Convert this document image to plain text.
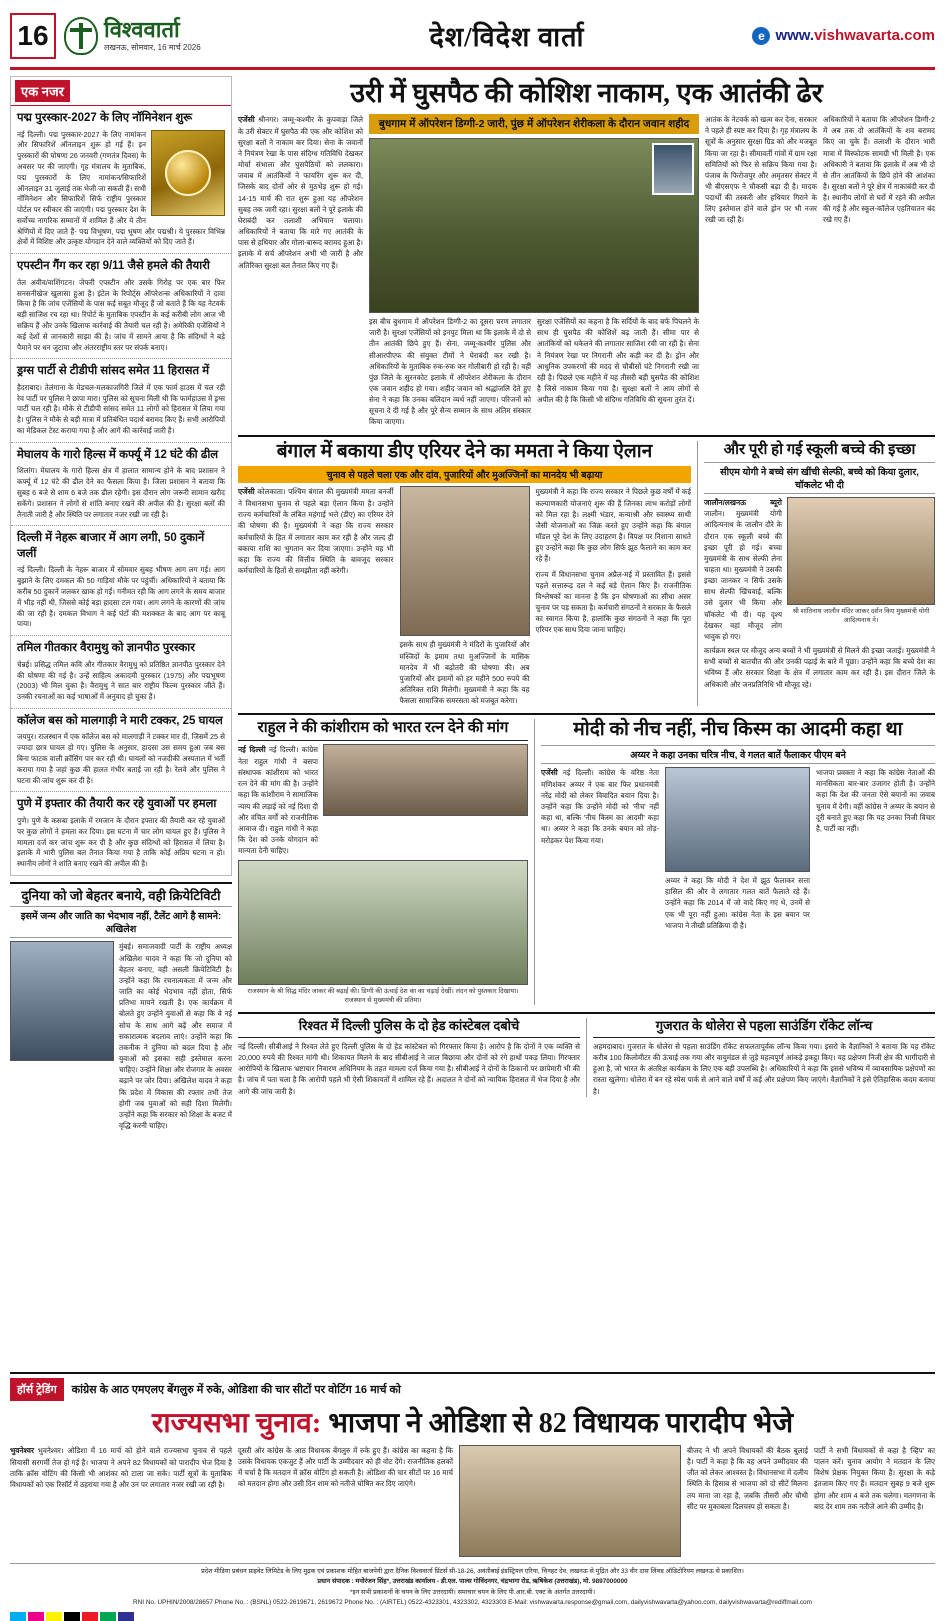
16	विश्ववार्ता
लखनऊ, सोमवार, 16 मार्च 2026	देश/विदेश वार्ता	e www.vishwavarta.com
एक नजर
पद्म पुरस्कार-2027 के लिए नॉमिनेशन शुरू
नई दिल्ली। पद्म पुरस्कार-2027 के लिए नामांकन और सिफारिशें ऑनलाइन शुरू हो गई हैं। इन पुरस्कारों की घोषणा 26 जनवरी (गणतंत्र दिवस) के अवसर पर की जाएगी। गृह मंत्रालय के मुताबिक, पद्म पुरस्कारों के लिए नामांकन/सिफारिशें ऑनलाइन 31 जुलाई तक भेजी जा सकती हैं। सभी नॉमिनेशन और सिफारिशें सिर्फ राष्ट्रीय पुरस्कार पोर्टल पर स्वीकार की जाएंगी। पद्म पुरस्कार देश के सर्वोच्च नागरिक सम्मानों में शामिल हैं और ये तीन श्रेणियों में दिए जाते हैं- पद्म विभूषण, पद्म भूषण और पद्मश्री। ये पुरस्कार विभिन्न क्षेत्रों में विशिष्ट और उत्कृष्ट योगदान देने वाले व्यक्तियों को दिए जाते हैं।
एपस्टीन गैंग कर रहा 9/11 जैसे हमले की तैयारी
तेल अवीव/वाशिंगटन। जेफरी एपस्टीन और उसके गिरोह पर एक बार फिर सनसनीखेज खुलासा हुआ है। इंटेल के रिपोर्ट्स ऑपरेशन्स अधिकारियों ने दावा किया है कि जांच एजेंसियों के पास कई सबूत मौजूद हैं जो बताते हैं कि यह नेटवर्क बड़ी साजिश रच रहा था। रिपोर्ट के मुताबिक एपस्टीन के कई करीबी लोग आज भी सक्रिय हैं और उनके खिलाफ कार्रवाई की तैयारी चल रही है। अमेरिकी एजेंसियों ने कई देशों से जानकारी साझा की है। जांच में सामने आया है कि संदिग्धों ने बड़े पैमाने पर धन जुटाया और अंतरराष्ट्रीय स्तर पर संपर्क बनाए।
ड्रग्स पार्टी से टीडीपी सांसद समेत 11 हिरासत में
हैदराबाद। तेलंगाना के मेडचल-मलकाजगिरी जिले में एक फार्म हाउस में चल रही रेव पार्टी पर पुलिस ने छापा मारा। पुलिस को सूचना मिली थी कि फार्महाउस में ड्रग्स पार्टी चल रही है। मौके से टीडीपी सांसद समेत 11 लोगों को हिरासत में लिया गया है। पुलिस ने मौके से बड़ी मात्रा में प्रतिबंधित पदार्थ बरामद किए हैं। सभी आरोपियों का मेडिकल टेस्ट कराया गया है और आगे की कार्रवाई जारी है।
मेघालय के गारो हिल्स में कर्फ्यू में 12 घंटे की ढील
शिलांग। मेघालय के गारो हिल्स क्षेत्र में हालात सामान्य होने के बाद प्रशासन ने कर्फ्यू में 12 घंटे की ढील देने का फैसला किया है। जिला प्रशासन ने बताया कि सुबह 6 बजे से शाम 6 बजे तक ढील रहेगी। इस दौरान लोग जरूरी सामान खरीद सकेंगे। प्रशासन ने लोगों से शांति बनाए रखने की अपील की है। सुरक्षा बलों की तैनाती जारी है और स्थिति पर लगातार नजर रखी जा रही है।
दिल्ली में नेहरू बाजार में आग लगी, 50 दुकानें जलीं
नई दिल्ली। दिल्ली के नेहरू बाजार में सोमवार सुबह भीषण आग लग गई। आग बुझाने के लिए दमकल की 50 गाड़ियां मौके पर पहुंचीं। अधिकारियों ने बताया कि करीब 50 दुकानें जलकर खाक हो गईं। गनीमत रही कि आग लगने के समय बाजार में भीड़ नहीं थी, जिससे कोई बड़ा हादसा टल गया। आग लगने के कारणों की जांच की जा रही है। दमकल विभाग ने कई घंटों की मशक्कत के बाद आग पर काबू पाया।
तमिल गीतकार वैरामुथु को ज्ञानपीठ पुरस्कार
चेन्नई। प्रसिद्ध तमिल कवि और गीतकार वैरामुथु को प्रतिष्ठित ज्ञानपीठ पुरस्कार देने की घोषणा की गई है। उन्हें साहित्य अकादमी पुरस्कार (1975) और पद्मभूषण (2003) भी मिल चुका है। वैरामुथु ने सात बार राष्ट्रीय फिल्म पुरस्कार जीते हैं। उनकी रचनाओं का कई भाषाओं में अनुवाद हो चुका है।
कॉलेज बस को मालगाड़ी ने मारी टक्कर, 25 घायल
जयपुर। राजस्थान में एक कॉलेज बस को मालगाड़ी ने टक्कर मार दी, जिसमें 25 से ज्यादा छात्र घायल हो गए। पुलिस के अनुसार, हादसा उस समय हुआ जब बस बिना फाटक वाली क्रॉसिंग पार कर रही थी। घायलों को नजदीकी अस्पताल में भर्ती कराया गया है जहां कुछ की हालत गंभीर बताई जा रही है। रेलवे और पुलिस ने घटना की जांच शुरू कर दी है।
पुणे में इफ्तार की तैयारी कर रहे युवाओं पर हमला
पुणे। पुणे के कसबा इलाके में रमजान के दौरान इफ्तार की तैयारी कर रहे युवाओं पर कुछ लोगों ने हमला कर दिया। इस घटना में चार लोग घायल हुए हैं। पुलिस ने मामला दर्ज कर जांच शुरू कर दी है और कुछ संदिग्धों को हिरासत में लिया है। इलाके में भारी पुलिस बल तैनात किया गया है ताकि कोई अप्रिय घटना न हो। स्थानीय लोगों ने शांति बनाए रखने की अपील की है।
दुनिया को जो बेहतर बनाये, वही क्रियेटिविटी
इसमें जन्म और जाति का भेदभाव नहीं, टैलेंट आगे है सामने: अखिलेश
मुंबई। समाजवादी पार्टी के राष्ट्रीय अध्यक्ष अखिलेश यादव ने कहा कि जो दुनिया को बेहतर बनाए, वही असली क्रियेटिविटी है। उन्होंने कहा कि रचनात्मकता में जन्म और जाति का कोई भेदभाव नहीं होता, सिर्फ प्रतिभा मायने रखती है। एक कार्यक्रम में बोलते हुए उन्होंने युवाओं से कहा कि वे नई सोच के साथ आगे बढ़ें और समाज में सकारात्मक बदलाव लाएं। उन्होंने कहा कि तकनीक ने दुनिया को बदल दिया है और युवाओं को इसका सही इस्तेमाल करना चाहिए। उन्होंने शिक्षा और रोजगार के अवसर बढ़ाने पर जोर दिया। अखिलेश यादव ने कहा कि प्रदेश में विकास की रफ्तार तभी तेज होगी जब युवाओं को सही दिशा मिलेगी। उन्होंने कहा कि सरकार को शिक्षा के बजट में वृद्धि करनी चाहिए।
उरी में घुसपैठ की कोशिश नाकाम, एक आतंकी ढेर
एजेंसी श्रीनगर। जम्मू-कश्मीर के कुपवाड़ा जिले के उरी सेक्टर में घुसपैठ की एक और कोशिश को सुरक्षा बलों ने नाकाम कर दिया। सेना के जवानों ने नियंत्रण रेखा के पास संदिग्ध गतिविधि देखकर मोर्चा संभाला और घुसपैठियों को ललकारा। जवाब में आतंकियों ने फायरिंग शुरू कर दी, जिसके बाद दोनों ओर से मुठभेड़ शुरू हो गई। 14-15 मार्च की रात शुरू हुआ यह ऑपरेशन सुबह तक जारी रहा। सुरक्षा बलों ने पूरे इलाके की घेराबंदी कर तलाशी अभियान चलाया। अधिकारियों ने बताया कि मारे गए आतंकी के पास से हथियार और गोला-बारूद बरामद हुआ है। इलाके में सर्च ऑपरेशन अभी भी जारी है और अतिरिक्त सुरक्षा बल तैनात किए गए हैं।
बुधगाम में ऑपरेशन डिग्गी-2 जारी, पुंछ में ऑपरेशन शेरीकला के दौरान जवान शहीद
इस बीच बुधगाम में ऑपरेशन डिग्गी-2 का दूसरा चरण लगातार जारी है। सुरक्षा एजेंसियों को इनपुट मिला था कि इलाके में दो से तीन आतंकी छिपे हुए हैं। सेना, जम्मू-कश्मीर पुलिस और सीआरपीएफ की संयुक्त टीमों ने घेराबंदी कर रखी है। अधिकारियों के मुताबिक रुक-रुक कर गोलीबारी हो रही है। वहीं पुंछ जिले के सुरनकोट इलाके में ऑपरेशन शेरीकला के दौरान एक जवान शहीद हो गया। शहीद जवान को श्रद्धांजलि देते हुए सेना ने कहा कि उनका बलिदान व्यर्थ नहीं जाएगा। परिजनों को सूचना दे दी गई है और पूरे सैन्य सम्मान के साथ अंतिम संस्कार किया जाएगा।
सुरक्षा एजेंसियों का कहना है कि सर्दियों के बाद बर्फ पिघलने के साथ ही घुसपैठ की कोशिशें बढ़ जाती हैं। सीमा पार से आतंकियों को धकेलने की लगातार साजिश रची जा रही है। सेना ने नियंत्रण रेखा पर निगरानी और कड़ी कर दी है। ड्रोन और आधुनिक उपकरणों की मदद से चौबीसों घंटे निगरानी रखी जा रही है। पिछले एक महीने में यह तीसरी बड़ी घुसपैठ की कोशिश है जिसे नाकाम किया गया है। सुरक्षा बलों ने आम लोगों से अपील की है कि किसी भी संदिग्ध गतिविधि की सूचना तुरंत दें।
आतंक के नेटवर्क को खत्म कर देना, सरकार ने पहले ही स्पष्ट कर दिया है। गृह मंत्रालय के सूत्रों के अनुसार सुरक्षा ग्रिड को और मजबूत किया जा रहा है। सीमावर्ती गांवों में ग्राम रक्षा समितियों को फिर से सक्रिय किया गया है। पंजाब के फिरोजपुर और अमृतसर सेक्टर में भी बीएसएफ ने चौकसी बढ़ा दी है। मादक पदार्थों की तस्करी और हथियार गिराने के लिए इस्तेमाल होने वाले ड्रोन पर भी नजर रखी जा रही है।
अधिकारियों ने बताया कि ऑपरेशन डिग्गी-2 में अब तक दो आतंकियों के शव बरामद किए जा चुके हैं। तलाशी के दौरान भारी मात्रा में विस्फोटक सामग्री भी मिली है। एक अधिकारी ने बताया कि इलाके में अब भी दो से तीन आतंकियों के छिपे होने की आशंका है। सुरक्षा बलों ने पूरे क्षेत्र में नाकाबंदी कर दी है। स्थानीय लोगों से घरों में रहने की अपील की गई है और स्कूल-कॉलेज एहतियातन बंद रखे गए हैं।
बंगाल में बकाया डीए एरियर देने का ममता ने किया ऐलान
चुनाव से पहले चला एक और दांव, पुजारियों और मुअज्जिनों का मानदेय भी बढ़ाया
एजेंसी कोलकाता। पश्चिम बंगाल की मुख्यमंत्री ममता बनर्जी ने विधानसभा चुनाव से पहले बड़ा ऐलान किया है। उन्होंने राज्य कर्मचारियों के लंबित महंगाई भत्ते (डीए) का एरियर देने की घोषणा की है। मुख्यमंत्री ने कहा कि राज्य सरकार कर्मचारियों के हित में लगातार काम कर रही है और जल्द ही बकाया राशि का भुगतान कर दिया जाएगा। उन्होंने यह भी कहा कि राज्य की वित्तीय स्थिति के बावजूद सरकार कर्मचारियों के हितों से समझौता नहीं करेगी।
इसके साथ ही मुख्यमंत्री ने मंदिरों के पुजारियों और मस्जिदों के इमाम तथा मुअज्जिनों के मासिक मानदेय में भी बढ़ोतरी की घोषणा की। अब पुजारियों और इमामों को हर महीने 500 रुपये की अतिरिक्त राशि मिलेगी। मुख्यमंत्री ने कहा कि यह फैसला सामाजिक समरसता को मजबूत करेगा।
मुख्यमंत्री ने कहा कि राज्य सरकार ने पिछले कुछ वर्षों में कई कल्याणकारी योजनाएं शुरू की हैं जिनका लाभ करोड़ों लोगों को मिल रहा है। लक्ष्मी भंडार, कन्याश्री और स्वास्थ्य साथी जैसी योजनाओं का जिक्र करते हुए उन्होंने कहा कि बंगाल मॉडल पूरे देश के लिए उदाहरण है। विपक्ष पर निशाना साधते हुए उन्होंने कहा कि कुछ लोग सिर्फ झूठ फैलाने का काम कर रहे हैं।
राज्य में विधानसभा चुनाव अप्रैल-मई में प्रस्तावित हैं। इससे पहले सत्तारूढ़ दल ने कई बड़े ऐलान किए हैं। राजनीतिक विश्लेषकों का मानना है कि इन घोषणाओं का सीधा असर चुनाव पर पड़ सकता है। कर्मचारी संगठनों ने सरकार के फैसले का स्वागत किया है, हालांकि कुछ संगठनों ने कहा कि पूरा एरियर एक साथ दिया जाना चाहिए।
और पूरी हो गई स्कूली बच्चे की इच्छा
सीएम योगी ने बच्चे संग खींची सेल्फी, बच्चे को किया दुलार, चॉकलेट भी दी
जालौन/लखनऊ ब्यूरो जालौन। मुख्यमंत्री योगी आदित्यनाथ के जालौन दौरे के दौरान एक स्कूली बच्चे की इच्छा पूरी हो गई। बच्चा मुख्यमंत्री के साथ सेल्फी लेना चाहता था। मुख्यमंत्री ने उसकी इच्छा जानकर न सिर्फ उसके साथ सेल्फी खिंचवाई, बल्कि उसे दुलार भी किया और चॉकलेट भी दी। यह दृश्य देखकर वहां मौजूद लोग भावुक हो गए।
श्री शांतिनाथ जालौन मंदिर जाकर दर्शन किए मुख्यमंत्री योगी आदित्यनाथ ने।
कार्यक्रम स्थल पर मौजूद अन्य बच्चों ने भी मुख्यमंत्री से मिलने की इच्छा जताई। मुख्यमंत्री ने सभी बच्चों से बातचीत की और उनकी पढ़ाई के बारे में पूछा। उन्होंने कहा कि बच्चे देश का भविष्य हैं और सरकार शिक्षा के क्षेत्र में लगातार काम कर रही है। इस दौरान जिले के अधिकारी और जनप्रतिनिधि भी मौजूद रहे।
राहुल ने की कांशीराम को भारत रत्न देने की मांग
नई दिल्ली नई दिल्ली। कांग्रेस नेता राहुल गांधी ने बसपा संस्थापक कांशीराम को भारत रत्न देने की मांग की है। उन्होंने कहा कि कांशीराम ने सामाजिक न्याय की लड़ाई को नई दिशा दी और वंचित वर्गों को राजनीतिक आवाज दी। राहुल गांधी ने कहा कि देश को उनके योगदान को मान्यता देनी चाहिए।
राजस्थान के श्री सिद्ध मंदिर जाकर की बढ़ाई की। डिग्गी की ऊंचाई देश का का चढ़ाई देखीं। लंदन को पुस्तकार दिखाया। राजस्थान से मुख्यमंत्री की प्रतिमा।
मोदी को नीच नहीं, नीच किस्म का आदमी कहा था
अय्यर ने कहा उनका चरित्र नीच, वे गलत बातें फैलाकर पीएम बने
एजेंसी नई दिल्ली। कांग्रेस के वरिष्ठ नेता मणिशंकर अय्यर ने एक बार फिर प्रधानमंत्री नरेंद्र मोदी को लेकर विवादित बयान दिया है। उन्होंने कहा कि उन्होंने मोदी को 'नीच' नहीं कहा था, बल्कि 'नीच किस्म का आदमी' कहा था। अय्यर ने कहा कि उनके बयान को तोड़-मरोड़कर पेश किया गया।
अय्यर ने कहा कि मोदी ने देश में झूठ फैलाकर सत्ता हासिल की और वे लगातार गलत बातें फैलाते रहे हैं। उन्होंने कहा कि 2014 में जो वादे किए गए थे, उनमें से एक भी पूरा नहीं हुआ। कांग्रेस नेता के इस बयान पर भाजपा ने तीखी प्रतिक्रिया दी है।
भाजपा प्रवक्ता ने कहा कि कांग्रेस नेताओं की मानसिकता बार-बार उजागर होती है। उन्होंने कहा कि देश की जनता ऐसे बयानों का जवाब चुनाव में देगी। वहीं कांग्रेस ने अय्यर के बयान से दूरी बनाते हुए कहा कि यह उनका निजी विचार है, पार्टी का नहीं।
रिश्वत में दिल्ली पुलिस के दो हेड कांस्टेबल दबोचे
नई दिल्ली। सीबीआई ने रिश्वत लेते हुए दिल्ली पुलिस के दो हेड कांस्टेबल को गिरफ्तार किया है। आरोप है कि दोनों ने एक व्यक्ति से 20,000 रुपये की रिश्वत मांगी थी। शिकायत मिलने के बाद सीबीआई ने जाल बिछाया और दोनों को रंगे हाथों पकड़ लिया। गिरफ्तार आरोपियों के खिलाफ भ्रष्टाचार निवारण अधिनियम के तहत मामला दर्ज किया गया है। सीबीआई ने दोनों के ठिकानों पर छापेमारी भी की है। जांच में पता चला है कि आरोपी पहले भी ऐसी शिकायतों में शामिल रहे हैं। अदालत ने दोनों को न्यायिक हिरासत में भेज दिया है और आगे की जांच जारी है।
गुजरात के धोलेरा से पहला साउंडिंग रॉकेट लॉन्च
अहमदाबाद। गुजरात के धोलेरा से पहला साउंडिंग रॉकेट सफलतापूर्वक लॉन्च किया गया। इसरो के वैज्ञानिकों ने बताया कि यह रॉकेट करीब 100 किलोमीटर की ऊंचाई तक गया और वायुमंडल से जुड़े महत्वपूर्ण आंकड़े इकट्ठा किए। यह प्रक्षेपण निजी क्षेत्र की भागीदारी से हुआ है, जो भारत के अंतरिक्ष कार्यक्रम के लिए एक बड़ी उपलब्धि है। अधिकारियों ने कहा कि इससे भविष्य में व्यावसायिक प्रक्षेपणों का रास्ता खुलेगा। धोलेरा में बन रहे स्पेस पार्क से आने वाले वर्षों में कई और प्रक्षेपण किए जाएंगे। वैज्ञानिकों ने इसे ऐतिहासिक कदम बताया है।
हॉर्स ट्रेडिंग	कांग्रेस के आठ एमएलए बेंगलुरु में रुके, ओडिशा की चार सीटों पर वोटिंग 16 मार्च को
राज्यसभा चुनाव: भाजपा ने ओडिशा से 82 विधायक पारादीप भेजे
भुवनेश्वर भुवनेश्वर। ओडिशा में 16 मार्च को होने वाले राज्यसभा चुनाव से पहले सियासी सरगर्मी तेज हो गई है। भाजपा ने अपने 82 विधायकों को पारादीप भेज दिया है ताकि क्रॉस वोटिंग की किसी भी आशंका को टाला जा सके। पार्टी सूत्रों के मुताबिक विधायकों को एक रिसॉर्ट में ठहराया गया है और उन पर लगातार नजर रखी जा रही है।
दूसरी ओर कांग्रेस के आठ विधायक बेंगलुरु में रुके हुए हैं। कांग्रेस का कहना है कि उसके विधायक एकजुट हैं और पार्टी के उम्मीदवार को ही वोट देंगे। राजनीतिक हलकों में चर्चा है कि मतदान में क्रॉस वोटिंग हो सकती है। ओडिशा की चार सीटों पर 16 मार्च को मतदान होगा और उसी दिन शाम को नतीजे घोषित कर दिए जाएंगे।
बीजद ने भी अपने विधायकों की बैठक बुलाई है। पार्टी ने कहा है कि वह अपने उम्मीदवार की जीत को लेकर आश्वस्त है। विधानसभा में दलीय स्थिति के हिसाब से भाजपा को दो सीटें मिलना तय माना जा रहा है, जबकि तीसरी और चौथी सीट पर मुकाबला दिलचस्प हो सकता है।
पार्टी ने सभी विधायकों से कहा है 'व्हिप' का पालन करें। चुनाव आयोग ने मतदान के लिए विशेष प्रेक्षक नियुक्त किया है। सुरक्षा के कड़े इंतजाम किए गए हैं। मतदान सुबह 9 बजे शुरू होगा और शाम 4 बजे तक चलेगा। मतगणना के बाद देर शाम तक नतीजे आने की उम्मीद है।
प्रदेश मीडिया प्रबंधन प्राइवेट लिमिटेड के लिए मुद्रक एवं प्रकाशक मोहित बाजपेयी द्वारा दैनिक विश्ववार्ता प्रिंटर्स सी-18-26, अवंतीबाई इंडस्ट्रियल एरिया, चिनहट देव, लखनऊ से मुद्रित और 33 वीर दास लिंक्ड ऑडिटोरियम लखनऊ से प्रकाशित।
प्रधान संपादक : मनोरंजन सिंह*, उत्तराखंड कार्यालय - डी.एल. पाल्स गोविंदनगर, चंद्रभागा रोड, ऋषिकेश (उत्तराखंड), मो. 9897000000
*इन सभी प्रकाशनों के चयन के लिए उत्तरदायी। समाचार चयन के लिए पी.आर.बी. एक्ट के अंतर्गत उत्तरदायी।
RNI No. UPHIN/2008/28657 Phone No. : (BSNL) 0522-2619671, 2619672 Phone No. : (AIRTEL) 0522-4323301, 4323302, 4323303 E-Mail: vishwavarta.response@gmail.com, dailyvishwavarta@yahoo.com, dailyvishwavarta@rediffmail.com
